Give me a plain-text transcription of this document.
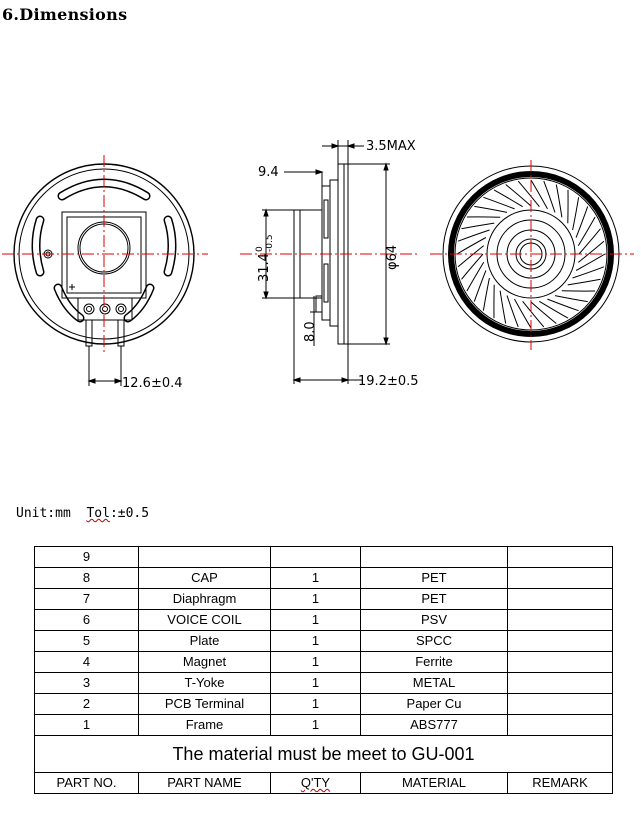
6.Dimensions
12.6±0.4
9.4
3.5MAX
31.4
0 -0.5
φ64
8.0
19.2±0.5
Unit:mm Tol:±0.5
9				
8	CAP	1	PET	
7	Diaphragm	1	PET	
6	VOICE COIL	1	PSV	
5	Plate	1	SPCC	
4	Magnet	1	Ferrite	
3	T-Yoke	1	METAL	
2	PCB Terminal	1	Paper Cu	
1	Frame	1	ABS777	
The material must be meet to GU-001				
PART NO.	PART NAME	Q'TY	MATERIAL	REMARK
